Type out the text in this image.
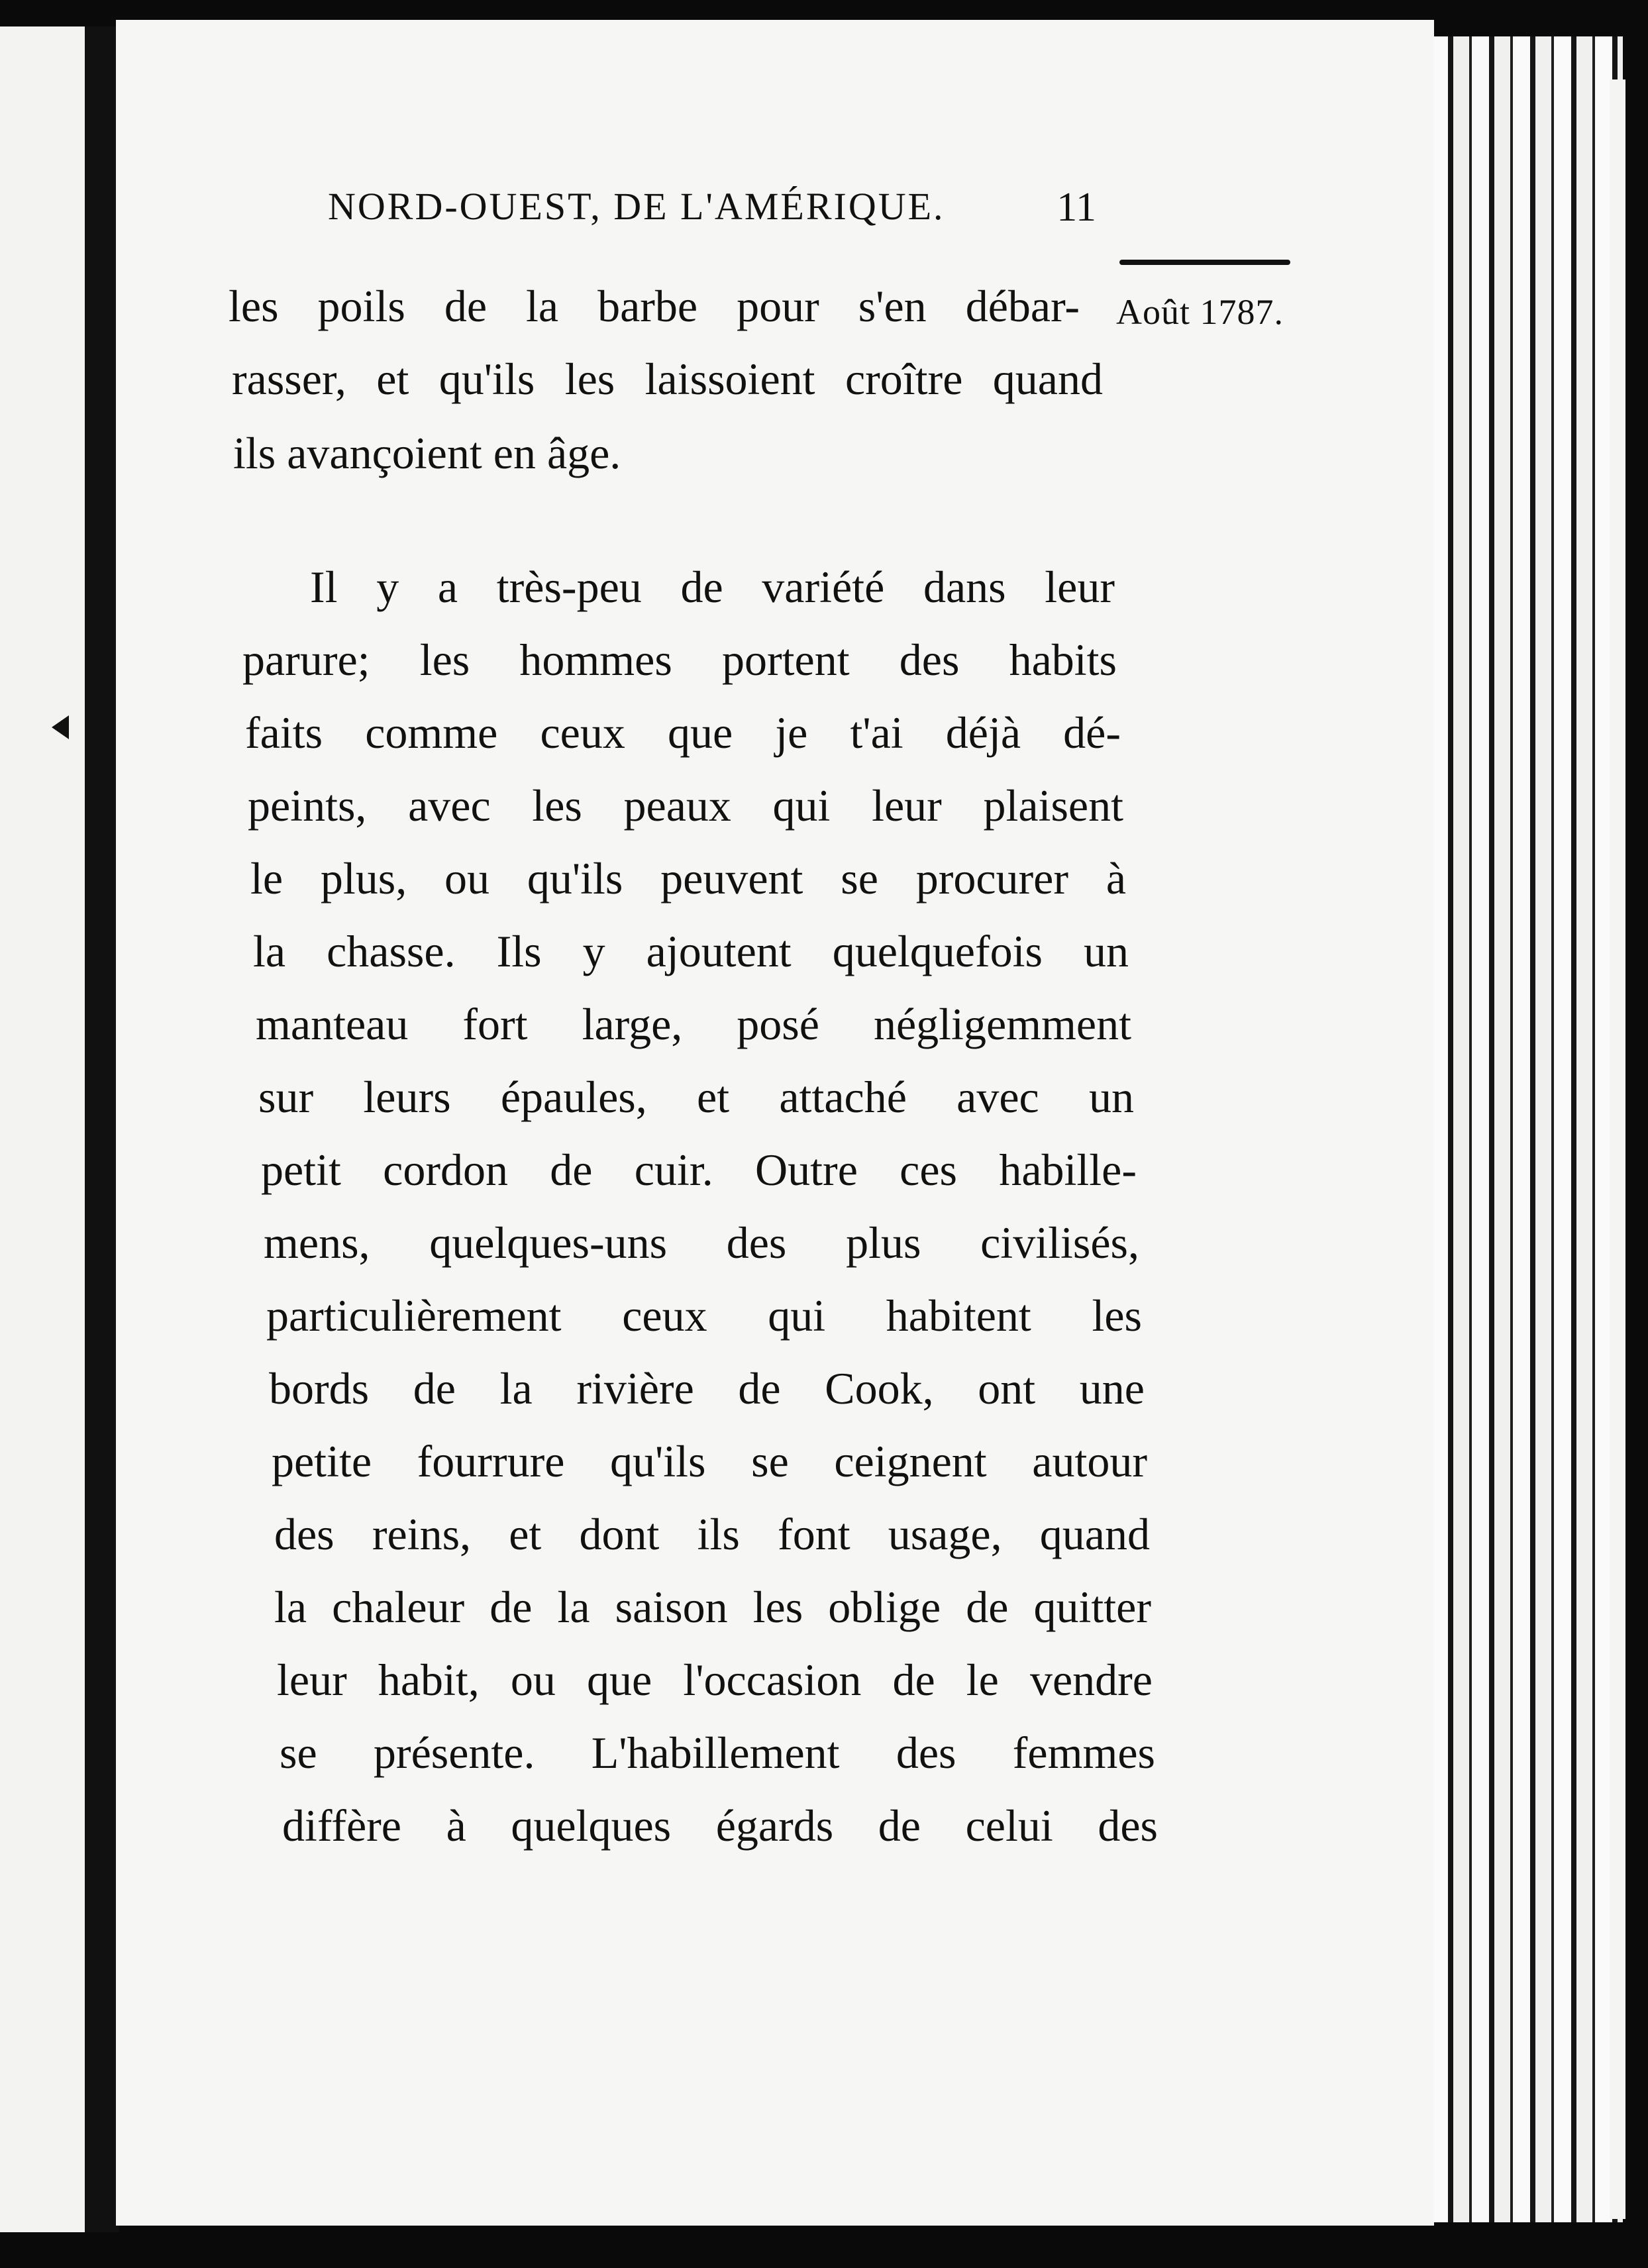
NORD-OUEST, DE L'AMÉRIQUE.	11
Août 1787.
les poils de la barbe pour s'en débar-
rasser, et qu'ils les laissoient croître quand
ils avançoient en âge.
Il y a très-peu de variété dans leur
parure; les hommes portent des habits
faits comme ceux que je t'ai déjà dé-
peints, avec les peaux qui leur plaisent
le plus, ou qu'ils peuvent se procurer à
la chasse. Ils y ajoutent quelquefois un
manteau fort large, posé négligemment
sur leurs épaules, et attaché avec un
petit cordon de cuir. Outre ces habille-
mens, quelques-uns des plus civilisés,
particulièrement ceux qui habitent les
bords de la rivière de Cook, ont une
petite fourrure qu'ils se ceignent autour
des reins, et dont ils font usage, quand
la chaleur de la saison les oblige de quitter
leur habit, ou que l'occasion de le vendre
se présente. L'habillement des femmes
diffère à quelques égards de celui des
